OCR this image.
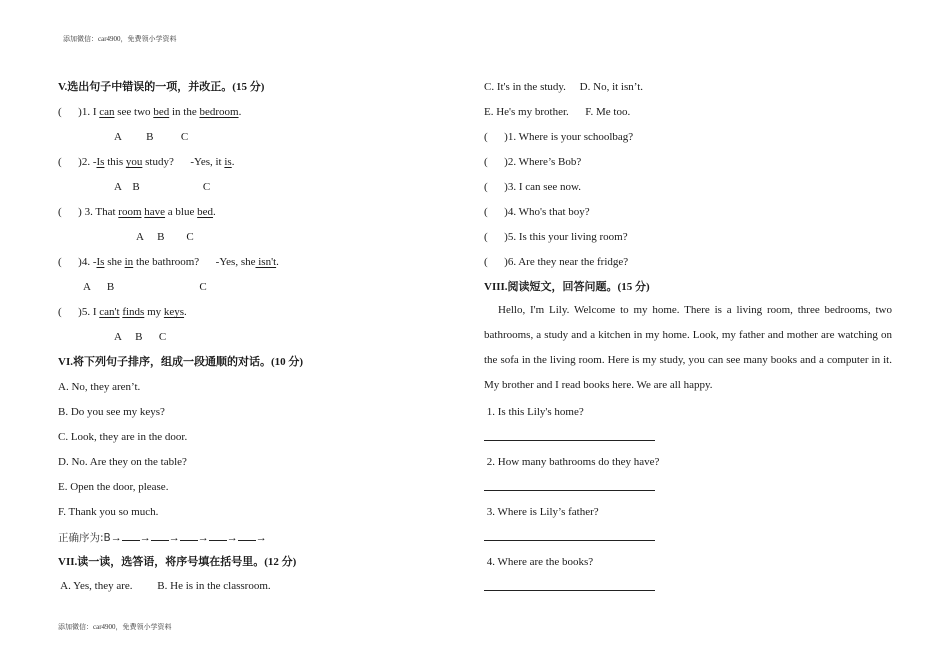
添加微信：car4900，免费领小学资料
添加微信：car4900，免费领小学资料
V.选出句子中错误的一项，并改正。(15 分)
(      )1. I can see two bed in the bedroom.
A         B          C
(      )2. -Is this you study?      -Yes, it is.
A    B                       C
(      ) 3. That room have a blue bed.
A     B        C
(      )4. -Is she in the bathroom?      -Yes, she isn't.
A      B                               C
(      )5. I can't finds my keys.
A     B      C
VI.将下列句子排序，组成一段通顺的对话。(10 分)
A. No, they aren’t.
B. Do you see my keys?
C. Look, they are in the door.
D. No. Are they on the table?
E. Open the door, please.
F. Thank you so much.
正确序为:B→ → → → → →
VII.读一读，选答语，将序号填在括号里。(12 分)
A. Yes, they are.         B. He is in the classroom.
C. It's in the study.     D. No, it isn’t.
E. He's my brother.      F. Me too.
(      )1. Where is your schoolbag?
(      )2. Where’s Bob?
(      )3. I can see now.
(      )4. Who's that boy?
(      )5. Is this your living room?
(      )6. Are they near the fridge?
VIII.阅读短文，回答问题。(15 分)
Hello, I'm Lily. Welcome to my home. There is a living room, three bedrooms, two bathrooms, a study and a kitchen in my home. Look, my father and mother are watching on the sofa in the living room. Here is my study, you can see many books and a computer in it. My brother and I read books here. We are all happy.
1. Is this Lily's home?
2. How many bathrooms do they have?
3. Where is Lily’s father?
4. Where are the books?
